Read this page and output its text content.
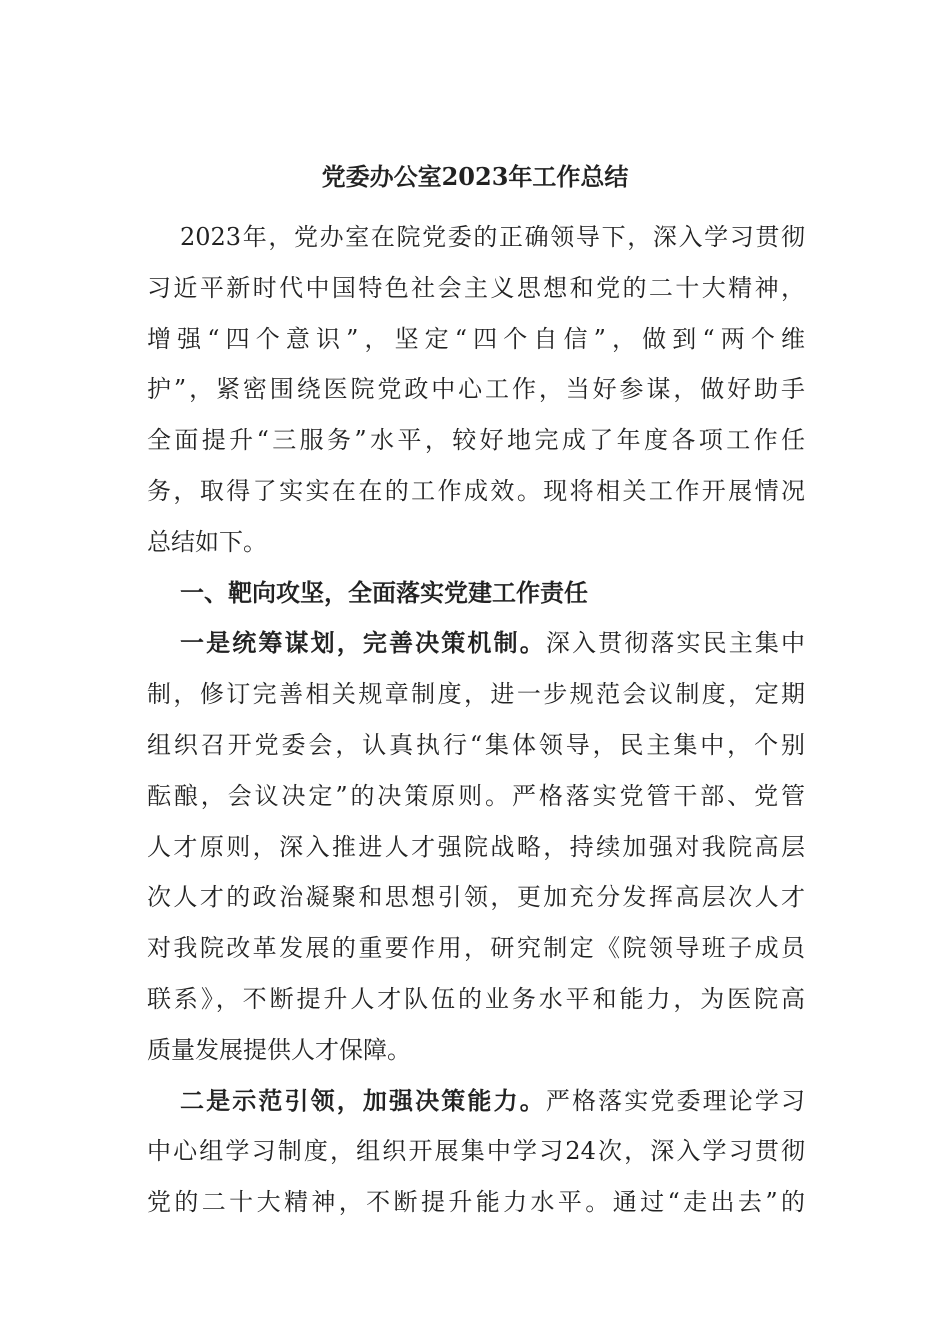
党委办公室2023年工作总结
2023年，党办室在院党委的正确领导下，深入学习贯彻
习近平新时代中国特色社会主义思想和党的二十大精神，
增强“四个意识”，坚定“四个自信”，做到“两个维
护”，紧密围绕医院党政中心工作，当好参谋，做好助手
全面提升“三服务”水平，较好地完成了年度各项工作任
务，取得了实实在在的工作成效。现将相关工作开展情况
总结如下。
一、靶向攻坚，全面落实党建工作责任
一是统筹谋划，完善决策机制。深入贯彻落实民主集中
制，修订完善相关规章制度，进一步规范会议制度，定期
组织召开党委会，认真执行“集体领导，民主集中，个别
酝酿，会议决定”的决策原则。严格落实党管干部、党管
人才原则，深入推进人才强院战略，持续加强对我院高层
次人才的政治凝聚和思想引领，更加充分发挥高层次人才
对我院改革发展的重要作用，研究制定《院领导班子成员
联系》，不断提升人才队伍的业务水平和能力，为医院高
质量发展提供人才保障。
二是示范引领，加强决策能力。严格落实党委理论学习
中心组学习制度，组织开展集中学习24次，深入学习贯彻
党的二十大精神，不断提升能力水平。通过“走出去”的
